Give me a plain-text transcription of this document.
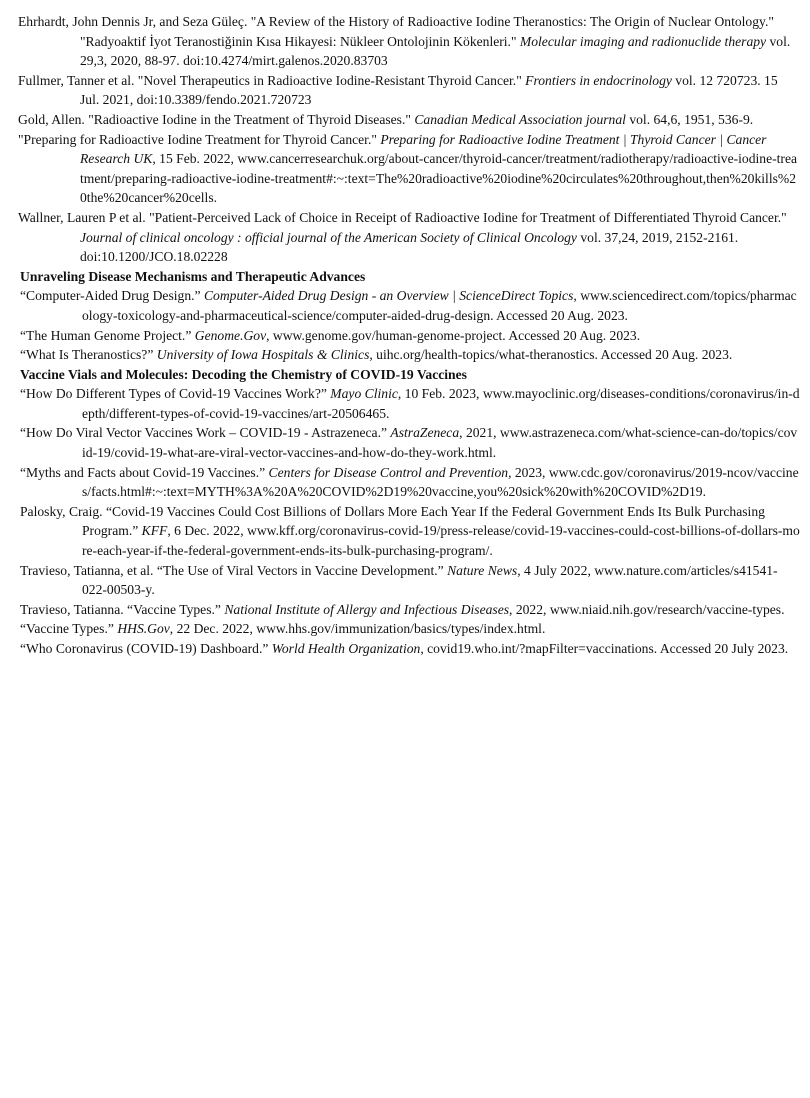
Ehrhardt, John Dennis Jr, and Seza Güleç. "A Review of the History of Radioactive Iodine Theranostics: The Origin of Nuclear Ontology." "Radyoaktif İyot Teranostiğinin Kısa Hikayesi: Nükleer Ontolojinin Kökenleri." Molecular imaging and radionuclide therapy vol. 29,3, 2020, 88-97. doi:10.4274/mirt.galenos.2020.83703

Fullmer, Tanner et al. "Novel Therapeutics in Radioactive Iodine-Resistant Thyroid Cancer." Frontiers in endocrinology vol. 12 720723. 15 Jul. 2021, doi:10.3389/fendo.2021.720723

Gold, Allen. "Radioactive Iodine in the Treatment of Thyroid Diseases." Canadian Medical Association journal vol. 64,6, 1951, 536-9.

"Preparing for Radioactive Iodine Treatment for Thyroid Cancer." Preparing for Radioactive Iodine Treatment | Thyroid Cancer | Cancer Research UK, 15 Feb. 2022, www.cancerresearchuk.org/about-cancer/thyroid-cancer/treatment/radiotherapy/radioactive-iodine-treatment/preparing-radioactive-iodine-treatment#:~:text=The%20radioactive%20iodine%20circulates%20throughout,then%20kills%20the%20cancer%20cells.

Wallner, Lauren P et al. "Patient-Perceived Lack of Choice in Receipt of Radioactive Iodine for Treatment of Differentiated Thyroid Cancer." Journal of clinical oncology : official journal of the American Society of Clinical Oncology vol. 37,24, 2019, 2152-2161. doi:10.1200/JCO.18.02228

Unraveling Disease Mechanisms and Therapeutic Advances

“Computer-Aided Drug Design.” Computer-Aided Drug Design - an Overview | ScienceDirect Topics, www.sciencedirect.com/topics/pharmacology-toxicology-and-pharmaceutical-science/computer-aided-drug-design. Accessed 20 Aug. 2023.

“The Human Genome Project.” Genome.Gov, www.genome.gov/human-genome-project. Accessed 20 Aug. 2023.

“What Is Theranostics?” University of Iowa Hospitals & Clinics, uihc.org/health-topics/what-theranostics. Accessed 20 Aug. 2023.

Vaccine Vials and Molecules: Decoding the Chemistry of COVID-19 Vaccines

“How Do Different Types of Covid-19 Vaccines Work?” Mayo Clinic, 10 Feb. 2023, www.mayoclinic.org/diseases-conditions/coronavirus/in-depth/different-types-of-covid-19-vaccines/art-20506465.

“How Do Viral Vector Vaccines Work – COVID-19 - Astrazeneca.” AstraZeneca, 2021, www.astrazeneca.com/what-science-can-do/topics/covid-19/covid-19-what-are-viral-vector-vaccines-and-how-do-they-work.html.

“Myths and Facts about Covid-19 Vaccines.” Centers for Disease Control and Prevention, 2023, www.cdc.gov/coronavirus/2019-ncov/vaccines/facts.html#:~:text=MYTH%3A%20A%20COVID%2D19%20vaccine,you%20sick%20with%20COVID%2D19.

Palosky, Craig. “Covid-19 Vaccines Could Cost Billions of Dollars More Each Year If the Federal Government Ends Its Bulk Purchasing Program.” KFF, 6 Dec. 2022, www.kff.org/coronavirus-covid-19/press-release/covid-19-vaccines-could-cost-billions-of-dollars-more-each-year-if-the-federal-government-ends-its-bulk-purchasing-program/.

Travieso, Tatianna, et al. “The Use of Viral Vectors in Vaccine Development.” Nature News, 4 July 2022, www.nature.com/articles/s41541-022-00503-y.

Travieso, Tatianna. “Vaccine Types.” National Institute of Allergy and Infectious Diseases, 2022, www.niaid.nih.gov/research/vaccine-types.

“Vaccine Types.” HHS.Gov, 22 Dec. 2022, www.hhs.gov/immunization/basics/types/index.html.

“Who Coronavirus (COVID-19) Dashboard.” World Health Organization, covid19.who.int/?mapFilter=vaccinations. Accessed 20 July 2023.
